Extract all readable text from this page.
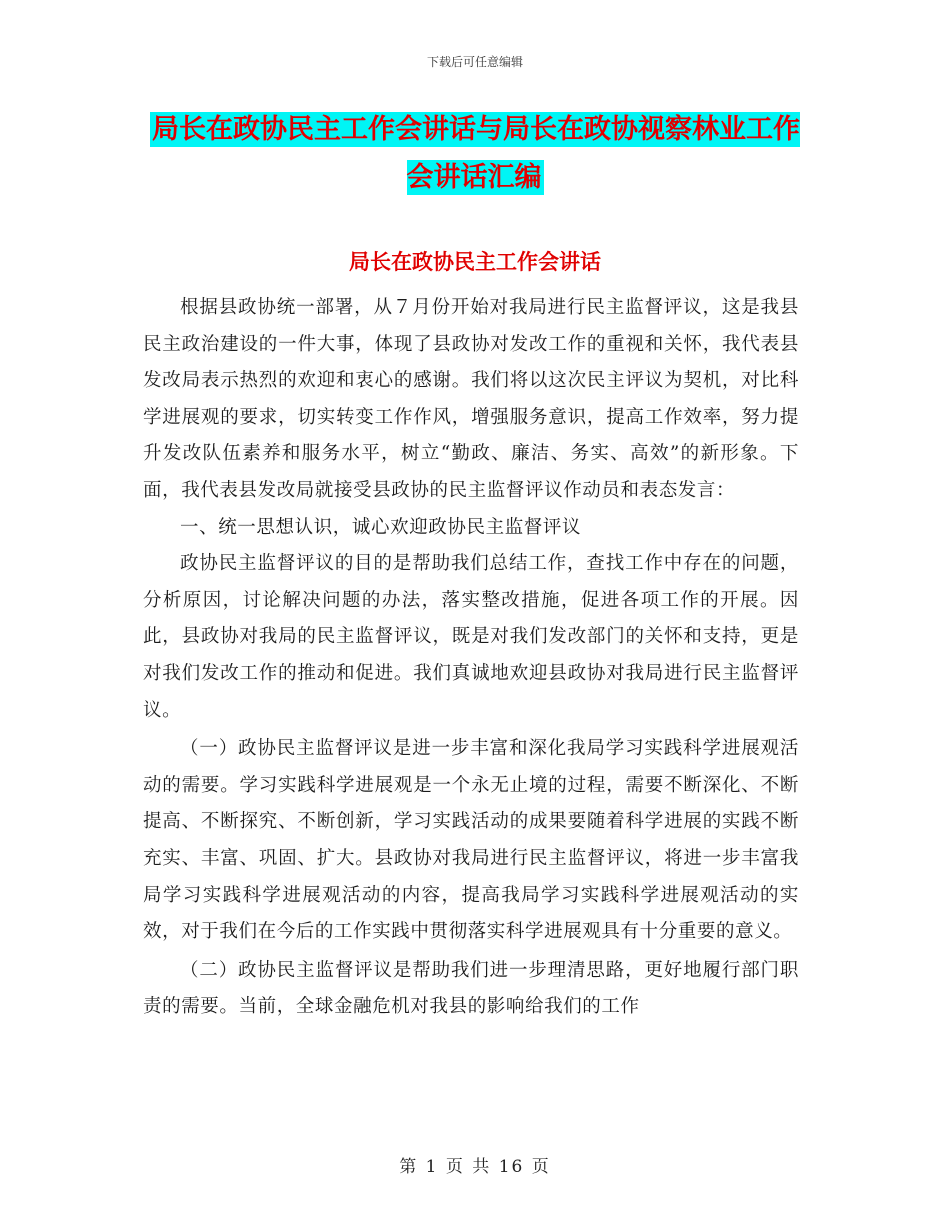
下载后可任意编辑
局长在政协民主工作会讲话与局长在政协视察林业工作会讲话汇编
局长在政协民主工作会讲话

根据县政协统一部署，从７月份开始对我局进行民主监督评议，这是我县民主政治建设的一件大事，体现了县政协对发改工作的重视和关怀，我代表县发改局表示热烈的欢迎和衷心的感谢。我们将以这次民主评议为契机，对比科学进展观的要求，切实转变工作作风，增强服务意识，提高工作效率，努力提升发改队伍素养和服务水平，树立“勤政、廉洁、务实、高效”的新形象。下面，我代表县发改局就接受县政协的民主监督评议作动员和表态发言：

一、统一思想认识，诚心欢迎政协民主监督评议

政协民主监督评议的目的是帮助我们总结工作，查找工作中存在的问题，分析原因，讨论解决问题的办法，落实整改措施，促进各项工作的开展。因此，县政协对我局的民主监督评议，既是对我们发改部门的关怀和支持，更是对我们发改工作的推动和促进。我们真诚地欢迎县政协对我局进行民主监督评议。

（一）政协民主监督评议是进一步丰富和深化我局学习实践科学进展观活动的需要。学习实践科学进展观是一个永无止境的过程，需要不断深化、不断提高、不断探究、不断创新，学习实践活动的成果要随着科学进展的实践不断充实、丰富、巩固、扩大。县政协对我局进行民主监督评议，将进一步丰富我局学习实践科学进展观活动的内容，提高我局学习实践科学进展观活动的实效，对于我们在今后的工作实践中贯彻落实科学进展观具有十分重要的意义。

（二）政协民主监督评议是帮助我们进一步理清思路，更好地履行部门职责的需要。当前，全球金融危机对我县的影响给我们的工作

第 1 页 共 16 页
